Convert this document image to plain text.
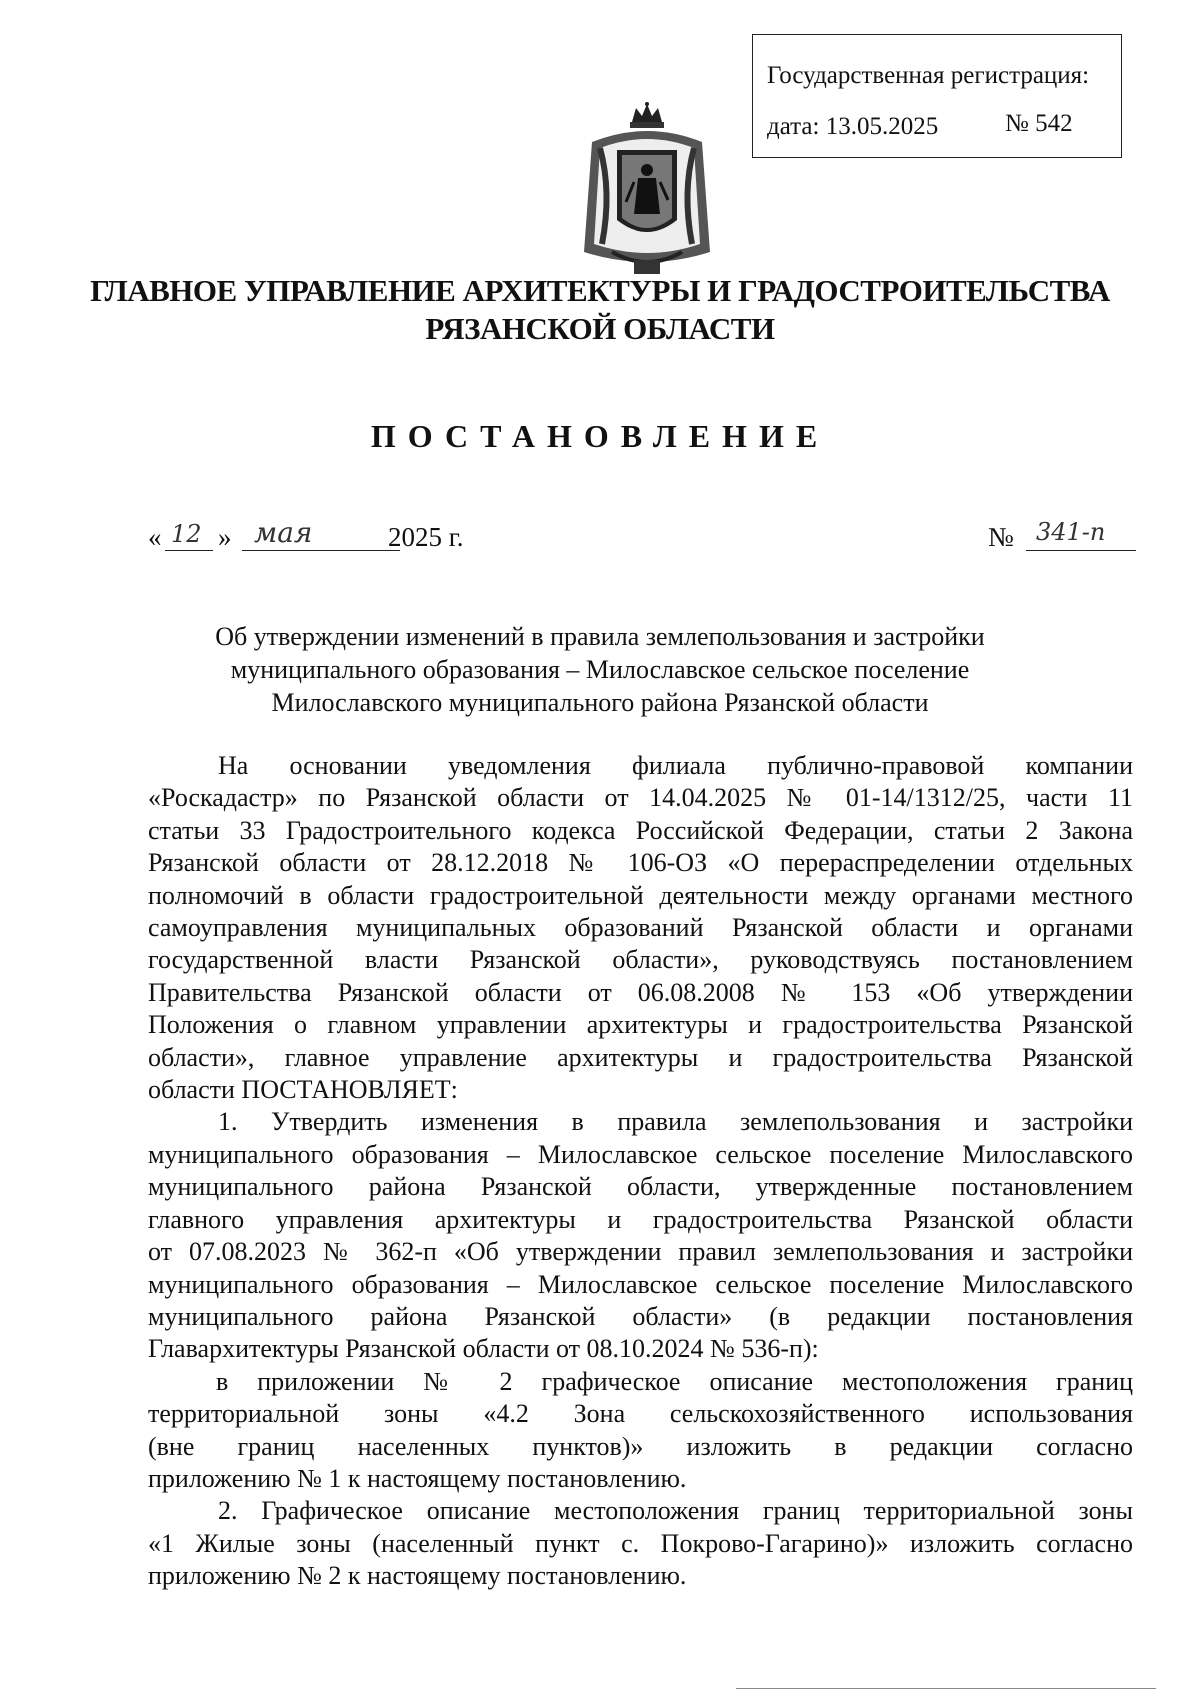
Государственная регистрация:
дата: 13.05.2025	№ 542
ГЛАВНОЕ УПРАВЛЕНИЕ АРХИТЕКТУРЫ И ГРАДОСТРОИТЕЛЬСТВА
РЯЗАНСКОЙ ОБЛАСТИ
ПОСТАНОВЛЕНИЕ
« 12 » мая	2025 г.	№ 341-п
Об утверждении изменений в правила землепользования и застройки
муниципального образования – Милославское сельское поселение
Милославского муниципального района Рязанской области
На основании уведомления филиала публично-правовой компании
«Роскадастр» по Рязанской области от 14.04.2025 № 01-14/1312/25, части 11
статьи 33 Градостроительного кодекса Российской Федерации, статьи 2 Закона
Рязанской области от 28.12.2018 № 106-ОЗ «О перераспределении отдельных
полномочий в области градостроительной деятельности между органами местного
самоуправления муниципальных образований Рязанской области и органами
государственной власти Рязанской области», руководствуясь постановлением
Правительства Рязанской области от 06.08.2008 № 153 «Об утверждении
Положения о главном управлении архитектуры и градостроительства Рязанской
области», главное управление архитектуры и градостроительства Рязанской
области ПОСТАНОВЛЯЕТ:
1. Утвердить изменения в правила землепользования и застройки
муниципального образования – Милославское сельское поселение Милославского
муниципального района Рязанской области, утвержденные постановлением
главного управления архитектуры и градостроительства Рязанской области
от 07.08.2023 № 362-п «Об утверждении правил землепользования и застройки
муниципального образования – Милославское сельское поселение Милославского
муниципального района Рязанской области» (в редакции постановления
Главархитектуры Рязанской области от 08.10.2024 № 536-п):
в приложении № 2 графическое описание местоположения границ
территориальной зоны «4.2 Зона сельскохозяйственного использования
(вне границ населенных пунктов)» изложить в редакции согласно
приложению № 1 к настоящему постановлению.
2. Графическое описание местоположения границ территориальной зоны
«1 Жилые зоны (населенный пункт с. Покрово-Гагарино)» изложить согласно
приложению № 2 к настоящему постановлению.
